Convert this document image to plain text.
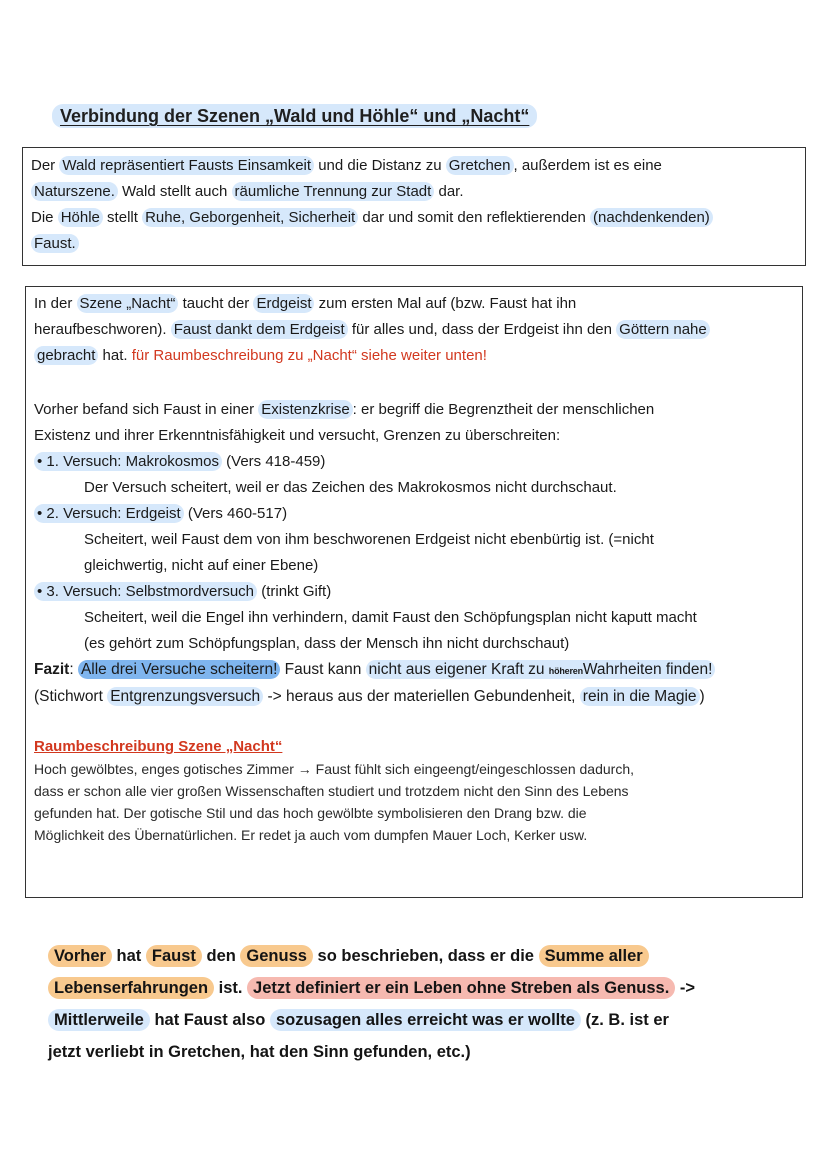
Verbindung der Szenen „Wald und Höhle“ und „Nacht“

Der Wald repräsentiert Fausts Einsamkeit und die Distanz zu Gretchen , außerdem ist es eine

Naturszene. Wald stellt auch räumliche Trennung zur Stadt dar.

Die Höhle stellt Ruhe, Geborgenheit, Sicherheit dar und somit den reflektierenden (nachdenkenden)

Faust.

In der Szene „Nacht“ taucht der Erdgeist zum ersten Mal auf (bzw. Faust hat ihn

heraufbeschworen). Faust dankt dem Erdgeist für alles und, dass der Erdgeist ihn den Göttern nahe

gebracht hat. für Raumbeschreibung zu „Nacht“ siehe weiter unten!

Vorher befand sich Faust in einer Existenzkrise : er begriff die Begrenztheit der menschlichen

Existenz und ihrer Erkenntnisfähigkeit und versucht, Grenzen zu überschreiten:

• 1. Versuch: Makrokosmos (Vers 418-459)

Der Versuch scheitert, weil er das Zeichen des Makrokosmos nicht durchschaut.

• 2. Versuch: Erdgeist (Vers 460-517)

Scheitert, weil Faust dem von ihm beschworenen Erdgeist nicht ebenbürtig ist. (=nicht

gleichwertig, nicht auf einer Ebene)

• 3. Versuch: Selbstmordversuch (trinkt Gift)

Scheitert, weil die Engel ihn verhindern, damit Faust den Schöpfungsplan nicht kaputt macht

(es gehört zum Schöpfungsplan, dass der Mensch ihn nicht durchschaut)

Fazit: Alle drei Versuche scheitern! Faust kann nicht aus eigener Kraft zu höherenWahrheiten finden!

(Stichwort Entgrenzungsversuch -> heraus aus der materiellen Gebundenheit, rein in die Magie )

Raumbeschreibung Szene „Nacht“

Hoch gewölbtes, enges gotisches Zimmer → Faust fühlt sich eingeengt/eingeschlossen dadurch,

dass er schon alle vier großen Wissenschaften studiert und trotzdem nicht den Sinn des Lebens

gefunden hat. Der gotische Stil und das hoch gewölbte symbolisieren den Drang bzw. die

Möglichkeit des Übernatürlichen. Er redet ja auch vom dumpfen Mauer Loch, Kerker usw.

Vorher hat Faust den Genuss so beschrieben, dass er die Summe aller
Lebenserfahrungen ist. Jetzt definiert er ein Leben ohne Streben als Genuss. ->
Mittlerweile hat Faust also sozusagen alles erreicht was er wollte (z. B. ist er
jetzt verliebt in Gretchen, hat den Sinn gefunden, etc.)
